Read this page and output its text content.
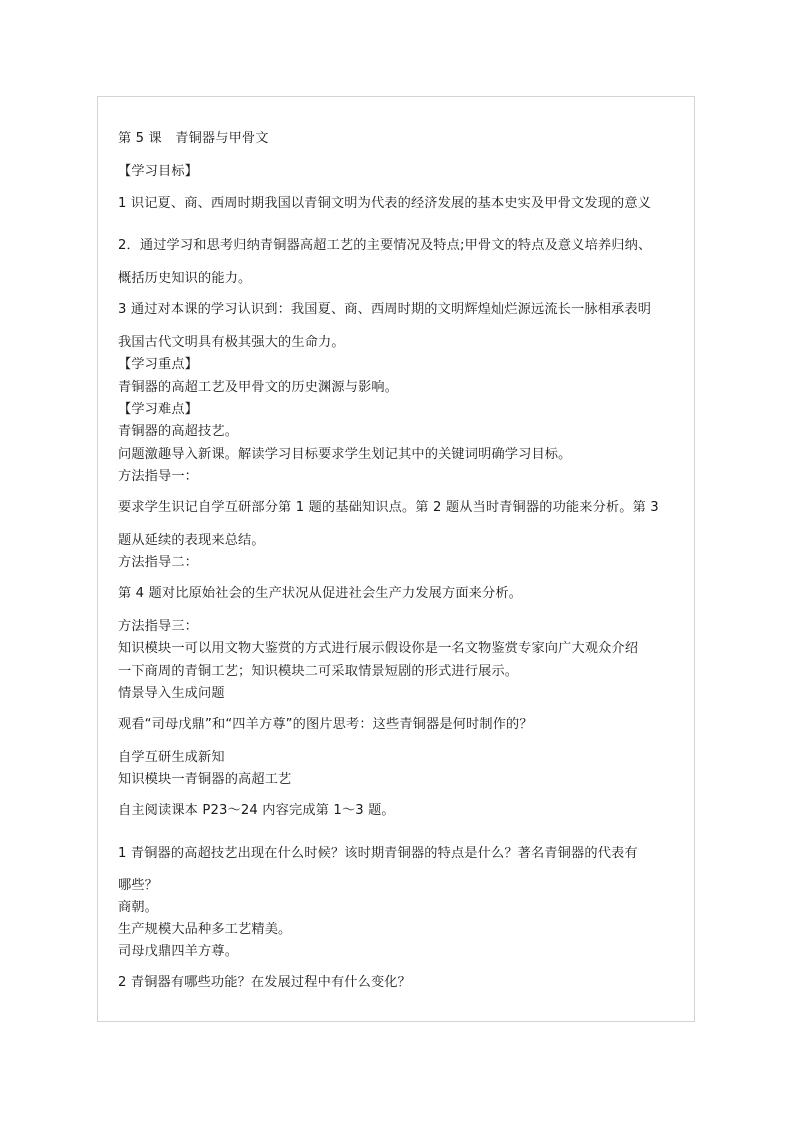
第 5 课　青铜器与甲骨文
【学习目标】
1 识记夏、商、西周时期我国以青铜文明为代表的经济发展的基本史实及甲骨文发现的意义
2．通过学习和思考归纳青铜器高超工艺的主要情况及特点;甲骨文的特点及意义培养归纳、
概括历史知识的能力。
3 通过对本课的学习认识到：我国夏、商、西周时期的文明辉煌灿烂源远流长一脉相承表明
我国古代文明具有极其强大的生命力。
【学习重点】
青铜器的高超工艺及甲骨文的历史渊源与影响。
【学习难点】
青铜器的高超技艺。
问题激趣导入新课。解读学习目标要求学生划记其中的关键词明确学习目标。
方法指导一：
要求学生识记自学互研部分第 1 题的基础知识点。第 2 题从当时青铜器的功能来分析。第 3
题从延续的表现来总结。
方法指导二：
第 4 题对比原始社会的生产状况从促进社会生产力发展方面来分析。
方法指导三：
知识模块一可以用文物大鉴赏的方式进行展示假设你是一名文物鉴赏专家向广大观众介绍
一下商周的青铜工艺；知识模块二可采取情景短剧的形式进行展示。
情景导入生成问题
观看“司母戊鼎”和“四羊方尊”的图片思考：这些青铜器是何时制作的？
自学互研生成新知
知识模块一青铜器的高超工艺
自主阅读课本 P23～24 内容完成第 1～3 题。
1 青铜器的高超技艺出现在什么时候？该时期青铜器的特点是什么？著名青铜器的代表有
哪些？
商朝。
生产规模大品种多工艺精美。
司母戊鼎四羊方尊。
2 青铜器有哪些功能？在发展过程中有什么变化？
